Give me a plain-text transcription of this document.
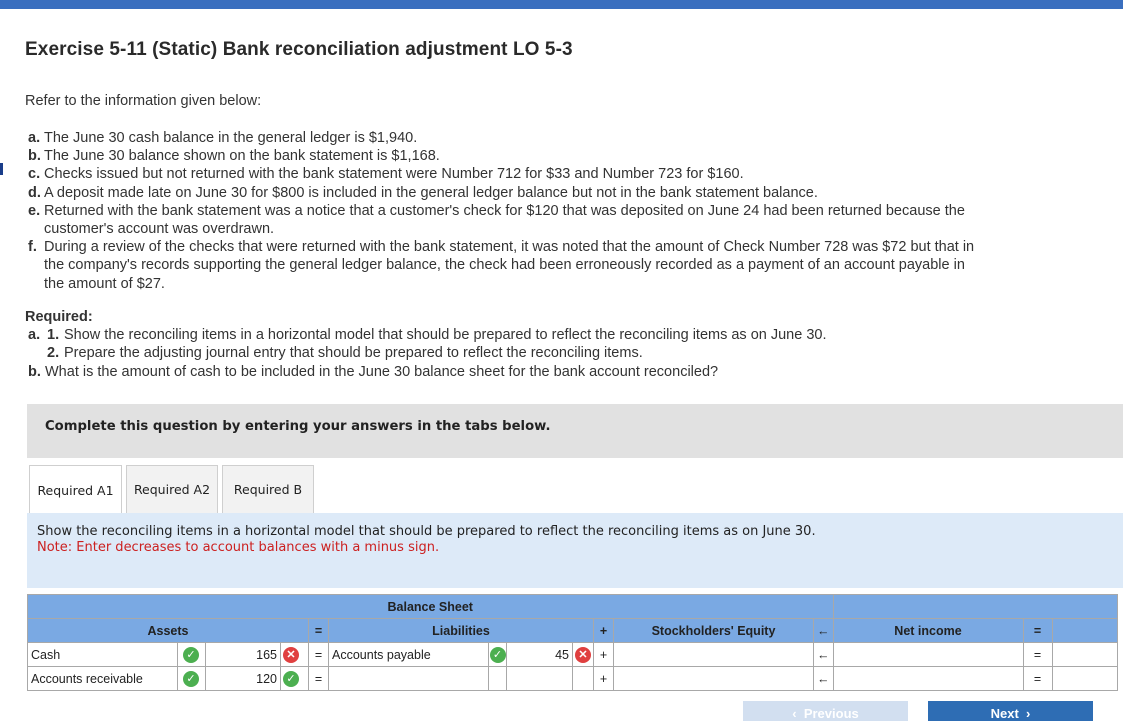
Exercise 5-11 (Static) Bank reconciliation adjustment LO 5-3
Refer to the information given below:
a. The June 30 cash balance in the general ledger is $1,940.
b. The June 30 balance shown on the bank statement is $1,168.
c. Checks issued but not returned with the bank statement were Number 712 for $33 and Number 723 for $160.
d. A deposit made late on June 30 for $800 is included in the general ledger balance but not in the bank statement balance.
e. Returned with the bank statement was a notice that a customer's check for $120 that was deposited on June 24 had been returned because the customer's account was overdrawn.
f. During a review of the checks that were returned with the bank statement, it was noted that the amount of Check Number 728 was $72 but that in the company's records supporting the general ledger balance, the check had been erroneously recorded as a payment of an account payable in the amount of $27.
Required:
a. 1. Show the reconciling items in a horizontal model that should be prepared to reflect the reconciling items as on June 30.
2. Prepare the adjusting journal entry that should be prepared to reflect the reconciling items.
b. What is the amount of cash to be included in the June 30 balance sheet for the bank account reconciled?
Complete this question by entering your answers in the tabs below.
Required A1	Required A2	Required B
Show the reconciling items in a horizontal model that should be prepared to reflect the reconciling items as on June 30.
Note: Enter decreases to account balances with a minus sign.
Balance Sheet														
Assets				=	Liabilities				+	Stockholders' Equity	←	Net income	=	
Cash	✓	165	✕	=	Accounts payable	✓	45	✕	+		←		=	
Accounts receivable	✓	120	✓	=					+		←		=	
‹ Previous	Next ›
